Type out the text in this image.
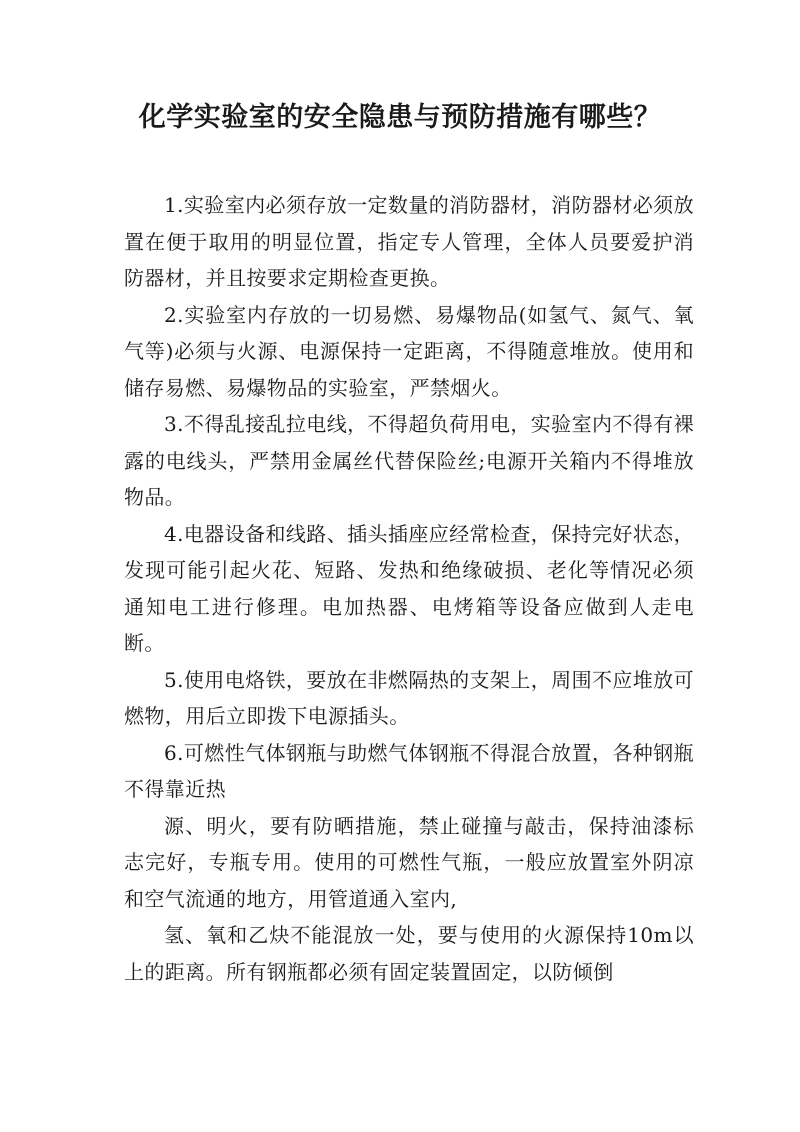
化学实验室的安全隐患与预防措施有哪些？

1.实验室内必须存放一定数量的消防器材，消防器材必须放置在便于取用的明显位置，指定专人管理，全体人员要爱护消防器材，并且按要求定期检查更换。

2.实验室内存放的一切易燃、易爆物品(如氢气、氮气、氧气等)必须与火源、电源保持一定距离，不得随意堆放。使用和储存易燃、易爆物品的实验室，严禁烟火。

3.不得乱接乱拉电线，不得超负荷用电，实验室内不得有裸露的电线头，严禁用金属丝代替保险丝;电源开关箱内不得堆放物品。

4.电器设备和线路、插头插座应经常检查，保持完好状态，发现可能引起火花、短路、发热和绝缘破损、老化等情况必须通知电工进行修理。电加热器、电烤箱等设备应做到人走电断。

5.使用电烙铁，要放在非燃隔热的支架上，周围不应堆放可燃物，用后立即拨下电源插头。

6.可燃性气体钢瓶与助燃气体钢瓶不得混合放置，各种钢瓶不得靠近热

源、明火，要有防晒措施，禁止碰撞与敲击，保持油漆标志完好，专瓶专用。使用的可燃性气瓶，一般应放置室外阴凉和空气流通的地方，用管道通入室内,

氢、氧和乙炔不能混放一处，要与使用的火源保持10m以上的距离。所有钢瓶都必须有固定装置固定，以防倾倒
